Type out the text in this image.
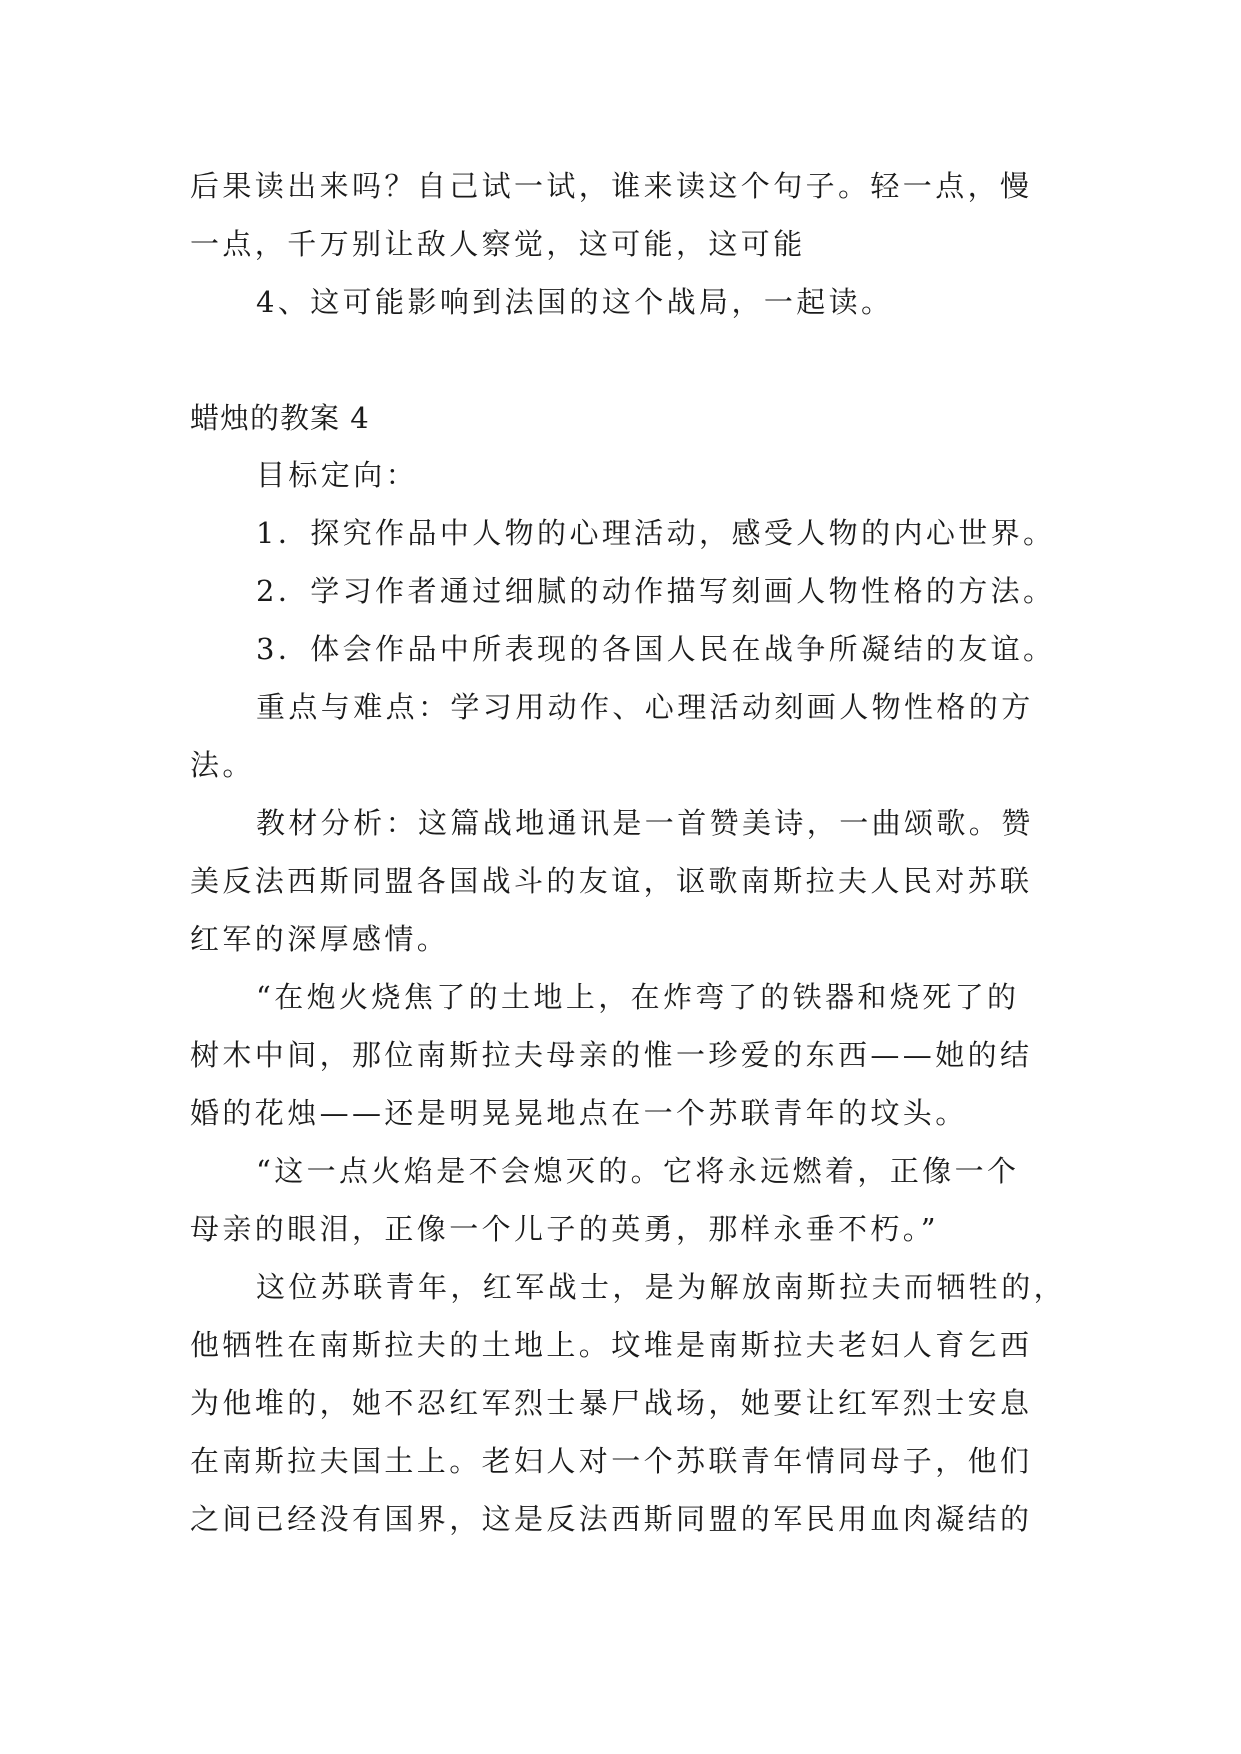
后果读出来吗？自己试一试，谁来读这个句子。轻一点，慢
一点，千万别让敌人察觉，这可能，这可能
4、这可能影响到法国的这个战局，一起读。
蜡烛的教案 4
目标定向：
1．探究作品中人物的心理活动，感受人物的内心世界。
2．学习作者通过细腻的动作描写刻画人物性格的方法。
3．体会作品中所表现的各国人民在战争所凝结的友谊。
重点与难点：学习用动作、心理活动刻画人物性格的方
法。
教材分析：这篇战地通讯是一首赞美诗，一曲颂歌。赞
美反法西斯同盟各国战斗的友谊，讴歌南斯拉夫人民对苏联
红军的深厚感情。
“在炮火烧焦了的土地上，在炸弯了的铁器和烧死了的
树木中间，那位南斯拉夫母亲的惟一珍爱的东西——她的结
婚的花烛——还是明晃晃地点在一个苏联青年的坟头。
“这一点火焰是不会熄灭的。它将永远燃着，正像一个
母亲的眼泪，正像一个儿子的英勇，那样永垂不朽。”
这位苏联青年，红军战士，是为解放南斯拉夫而牺牲的，
他牺牲在南斯拉夫的土地上。坟堆是南斯拉夫老妇人育乞西
为他堆的，她不忍红军烈士暴尸战场，她要让红军烈士安息
在南斯拉夫国土上。老妇人对一个苏联青年情同母子，他们
之间已经没有国界，这是反法西斯同盟的军民用血肉凝结的
